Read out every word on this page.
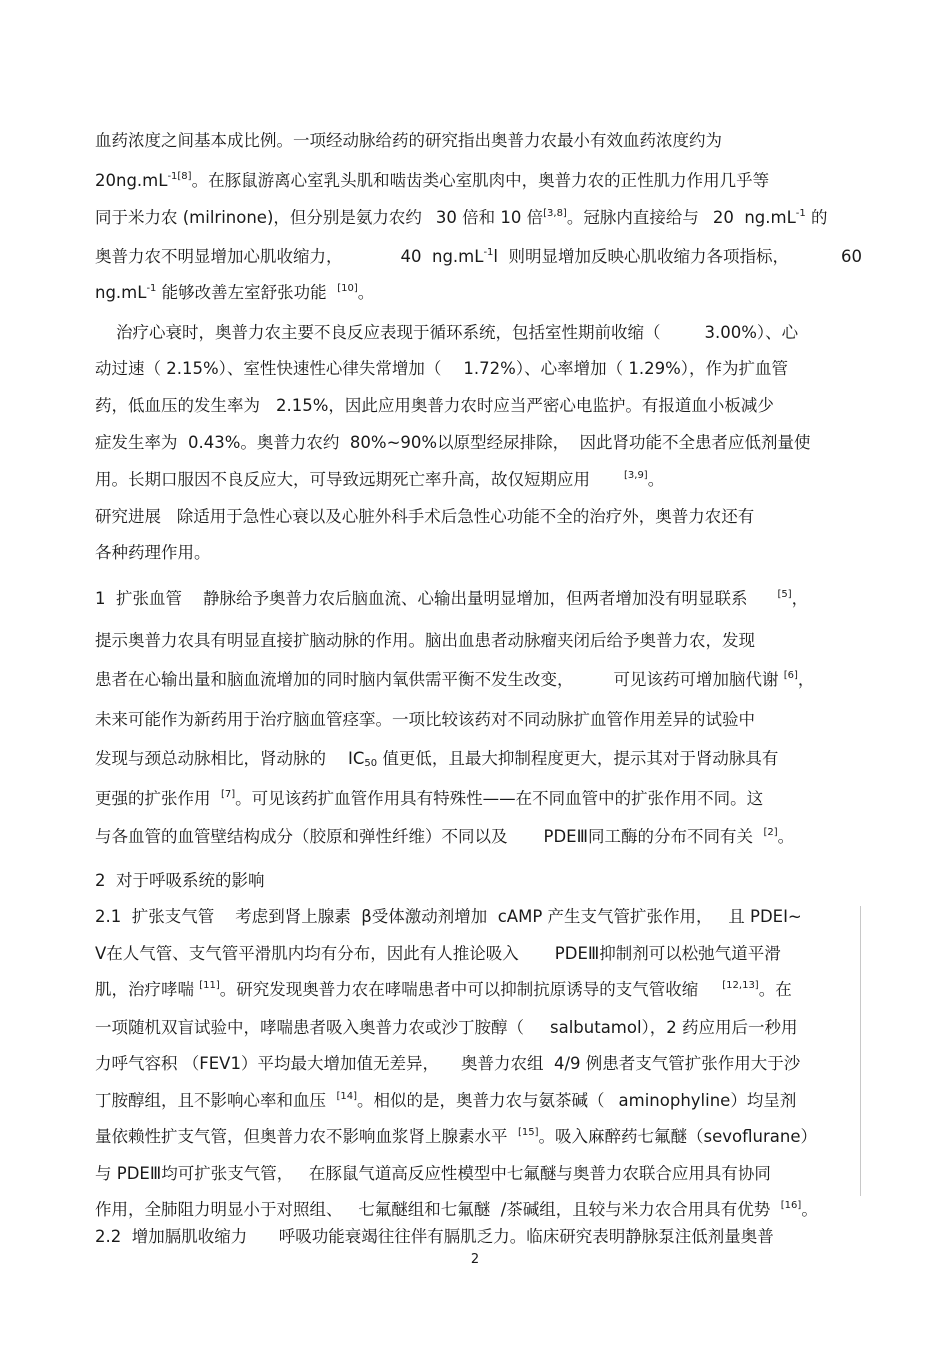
血药浓度之间基本成比例。一项经动脉给药的研究指出奥普力农最小有效血药浓度约为
$20ng.mL^{-1[8]}$。在豚鼠游离心室乳头肌和啮齿类心室肌肉中，奥普力农的正性肌力作用几乎等
同于米力农 (milrinone)，但分别是氨力农约 30 倍和 10 倍[3,8]。冠脉内直接给与 20  $ng.mL^{-1}$ 的
奥普力农不明显增加心肌收缩力，	40  $ng.mL^{-1}l$  则明显增加反映心肌收缩力各项指标，	60
$ng.mL^{-1}$ 能够改善左室舒张功能  [10]。
治疗心衰时，奥普力农主要不良反应表现于循环系统，包括室性期前收缩（	3.00%）、心
动过速（ 2.15%）、室性快速性心律失常增加（ 1.72%）、心率增加（ 1.29%），作为扩血管
药，低血压的发生率为 2.15%，因此应用奥普力农时应当严密心电监护。有报道血小板减少
症发生率为  0.43%。奥普力农约  80%~90%以原型经尿排除，  因此肾功能不全患者应低剂量使
用。长期口服因不良反应大，可导致远期死亡率升高，故仅短期应用	[3,9]。
研究进展   除适用于急性心衰以及心脏外科手术后急性心功能不全的治疗外，奥普力农还有
各种药理作用。
1  扩张血管    静脉给予奥普力农后脑血流、心输出量明显增加，但两者增加没有明显联系	[5]，
提示奥普力农具有明显直接扩脑动脉的作用。脑出血患者动脉瘤夹闭后给予奥普力农，发现
患者在心输出量和脑血流增加的同时脑内氧供需平衡不发生改变， 可见该药可增加脑代谢 [6]，
未来可能作为新药用于治疗脑血管痉挛。一项比较该药对不同动脉扩血管作用差异的试验中
发现与颈总动脉相比，肾动脉的 $IC_{50}$ 值更低，且最大抑制程度更大，提示其对于肾动脉具有
更强的扩张作用  [7]。可见该药扩血管作用具有特殊性——在不同血管中的扩张作用不同。这
与各血管的血管壁结构成分（胶原和弹性纤维）不同以及 PDEⅢ同工酶的分布不同有关  [2]。
2  对于呼吸系统的影响
2.1  扩张支气管    考虑到肾上腺素  β受体激动剂增加  cAMP 产生支气管扩张作用，   且 PDEⅠ~
Ⅴ在人气管、支气管平滑肌内均有分布，因此有人推论吸入 PDEⅢ抑制剂可以松弛气道平滑
肌，治疗哮喘 [11]。研究发现奥普力农在哮喘患者中可以抑制抗原诱导的支气管收缩 [12,13]。在
一项随机双盲试验中，哮喘患者吸入奥普力农或沙丁胺醇（ salbutamol），2 药应用后一秒用
力呼气容积 （FEV1）平均最大增加值无差异， 奥普力农组  4/9 例患者支气管扩张作用大于沙
丁胺醇组，且不影响心率和血压  [14]。相似的是，奥普力农与氨茶碱（ aminophyline）均呈剂
量依赖性扩支气管，但奥普力农不影响血浆肾上腺素水平  [15]。吸入麻醉药七氟醚（sevoflurane）
与 PDEⅢ均可扩张支气管，   在豚鼠气道高反应性模型中七氟醚与奥普力农联合应用具有协同
作用，全肺阻力明显小于对照组、   七氟醚组和七氟醚  /茶碱组，且较与米力农合用具有优势  [16]。
2.2  增加膈肌收缩力      呼吸功能衰竭往往伴有膈肌乏力。临床研究表明静脉泵注低剂量奥普
2
